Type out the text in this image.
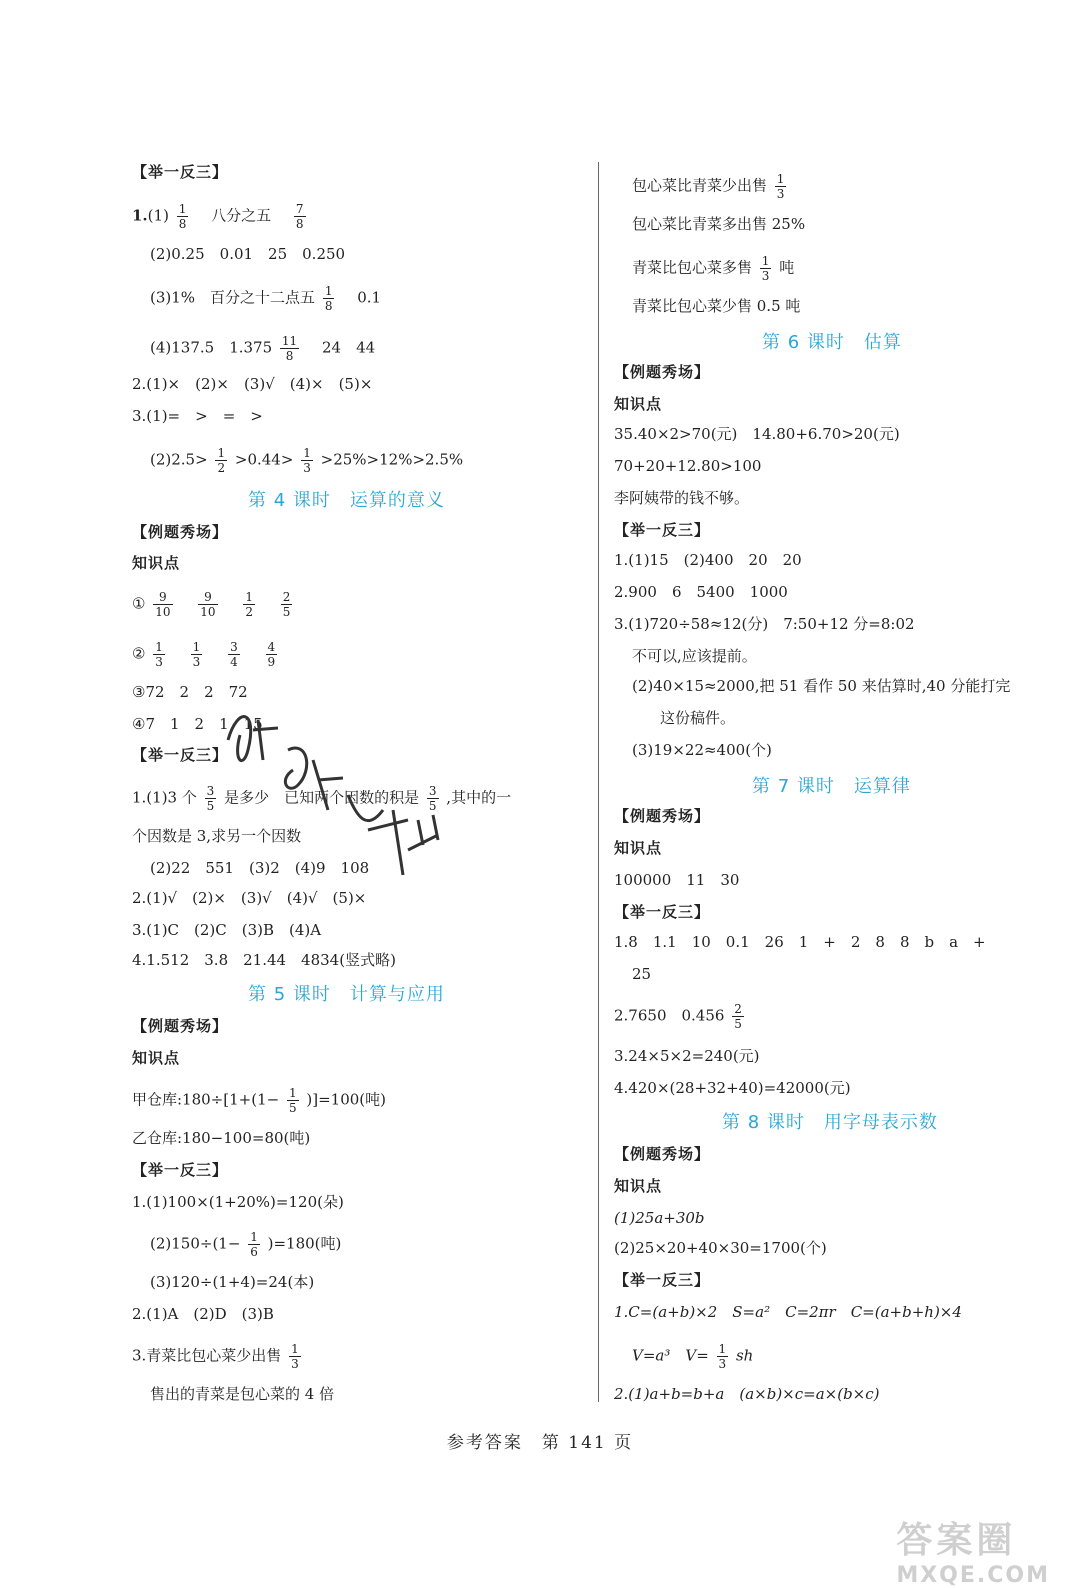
【举一反三】
$1.(1) \frac{1}{8}$
　 八分之五　 $\frac{7}{8}$
(2)0.25　0.01　25　0.250
(3)1%　百分之十二点五 $\frac{1}{8}$
　 0.1
(4)137.5　$1.375 \frac{11}{8}$
　 24　44
2.(1)×　(2)×　(3)√　(4)×　(5)×
3.(1)=　>　=　>
$(2)2.5> \frac{1}{2} >0.44> \frac{1}{3} >25\%>12\%>2.5\%$
第 4 课时　运算的意义
【例题秀场】
知识点
① $\frac{9}{10}$
　 $\frac{9}{10}$
　 $\frac{1}{2}$
　 $\frac{2}{5}$
② $\frac{1}{3}$
　 $\frac{1}{3}$
　 $\frac{3}{4}$
　 $\frac{4}{9}$
③72　2　2　72
④7　1　2　1　15
【举一反三】
1.(1)3 个 $\frac{3}{5}$ 是多少　已知两个因数的积是 $\frac{3}{5}$ ,其中的一
个因数是 3,求另一个因数
(2)22　551　(3)2　(4)9　108
2.(1)√　(2)×　(3)√　(4)√　(5)×
3.(1)C　(2)C　(3)B　(4)A
4.1.512　3.8　21.44　4834(竖式略)
第 5 课时　计算与应用
【例题秀场】
知识点
甲仓库:180÷[1+(1− $\frac{1}{5} )]=100$(吨)
乙仓库:180−100=80(吨)
【举一反三】
1.(1)100×(1+20%)=120(朵)
$(2)150\div(1- \frac{1}{6} )=180$(吨)
(3)120÷(1+4)=24(本)
2.(1)A　(2)D　(3)B
3.青菜比包心菜少出售 $\frac{1}{3}$
售出的青菜是包心菜的 4 倍
包心菜比青菜少出售 $\frac{1}{3}$
包心菜比青菜多出售 25%
青菜比包心菜多售 $\frac{1}{3}$ 吨
青菜比包心菜少售 0.5 吨
第 6 课时　估算
【例题秀场】
知识点
35.40×2>70(元)　14.80+6.70>20(元)
70+20+12.80>100
李阿姨带的钱不够。
【举一反三】
1.(1)15　(2)400　20　20
2.900　6　5400　1000
3.(1)720÷58≈12(分)　7:50+12 分=8:02
不可以,应该提前。
(2)40×15≈2000,把 51 看作 50 来估算时,40 分能打完
这份稿件。
(3)19×22≈400(个)
第 7 课时　运算律
【例题秀场】
知识点
100000　11　30
【举一反三】
1.8　1.1　10　0.1　26　1　+　2　8　8　b　a　+
25
2.7650　$0.456 \frac{2}{5}$
3.24×5×2=240(元)
4.420×(28+32+40)=42000(元)
第 8 课时　用字母表示数
【例题秀场】
知识点
(1)25a+30b
(2)25×20+40×30=1700(个)
【举一反三】
1.C=(a+b)×2　S=a²　C=2πr　C=(a+b+h)×4
V=a³　$V= \frac{1}{3}$ sh
2.(1)a+b=b+a　(a×b)×c=a×(b×c)
参考答案　第 141 页
答案圈
MXQE.COM
